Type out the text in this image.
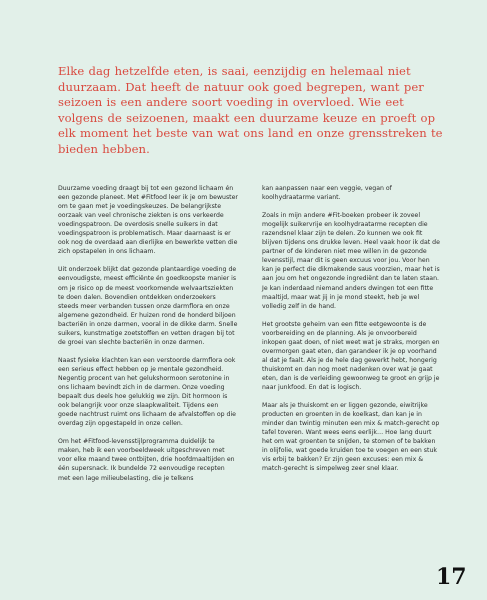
Elke dag hetzelfde eten, is saai, eenzijdig en helemaal niet duurzaam. Dat heeft de natuur ook goed begrepen, want per seizoen is een andere soort voeding in overvloed. Wie eet volgens de seizoenen, maakt een duurzame keuze en proeft op elk moment het beste van wat ons land en onze grensstreken te bieden hebben.

Duurzame voeding draagt bij tot een gezond lichaam én een gezonde planeet. Met #Fitfood leer ik je om bewuster om te gaan met je voedingskeuzes. De belangrijkste oorzaak van veel chronische ziekten is ons verkeerde voedingspatroon. De overdosis snelle suikers in dat voedingspatroon is problematisch. Maar daarnaast is er ook nog de overdaad aan dierlijke en bewerkte vetten die zich opstapelen in ons lichaam.

Uit onderzoek blijkt dat gezonde plantaardige voeding de eenvoudigste, meest efficiënte én goedkoopste manier is om je risico op de meest voorkomende welvaartsziekten te doen dalen. Bovendien ontdekken onderzoekers steeds meer verbanden tussen onze darmflora en onze algemene gezondheid. Er huizen rond de honderd biljoen bacteriën in onze darmen, vooral in de dikke darm. Snelle suikers, kunstmatige zoetstoffen en vetten dragen bij tot de groei van slechte bacteriën in onze darmen.

Naast fysieke klachten kan een verstoorde darmflora ook een serieus effect hebben op je mentale gezondheid. Negentig procent van het gelukshormoon serotonine in ons lichaam bevindt zich in de darmen. Onze voeding bepaalt dus deels hoe gelukkig we zijn. Dit hormoon is ook belangrijk voor onze slaapkwaliteit. Tijdens een goede nachtrust ruimt ons lichaam de afvalstoffen op die overdag zijn opgestapeld in onze cellen.

Om het #Fitfood-levensstijlprogramma duidelijk te maken, heb ik een voorbeeldweek uitgeschreven met voor elke maand twee ontbijten, drie hoofdmaaltijden en één supersnack. Ik bundelde 72 eenvoudige recepten met een lage milieubelasting, die je telkens

kan aanpassen naar een veggie, vegan of koolhydraatarme variant.

Zoals in mijn andere #Fit-boeken probeer ik zoveel mogelijk suikervrije en koolhydraatarme recepten die razendsnel klaar zijn te delen. Zo kunnen we ook fit blijven tijdens ons drukke leven. Heel vaak hoor ik dat de partner of de kinderen niet mee willen in de gezonde levensstijl, maar dit is geen excuus voor jou. Voor hen kan je perfect die dikmakende saus voorzien, maar het is aan jou om het ongezonde ingrediënt dan te laten staan. Je kan inderdaad niemand anders dwingen tot een fitte maaltijd, maar wat jij in je mond steekt, heb je wel volledig zelf in de hand.

Het grootste geheim van een fitte eetgewoonte is de voorbereiding en de planning. Als je onvoorbereid inkopen gaat doen, of niet weet wat je straks, morgen en overmorgen gaat eten, dan garandeer ik je op voorhand al dat je faalt. Als je de hele dag gewerkt hebt, hongerig thuiskomt en dan nog moet nadenken over wat je gaat eten, dan is de verleiding gewoonweg te groot en grijp je naar junkfood. En dat is logisch.

Maar als je thuiskomt en er liggen gezonde, eiwitrijke producten en groenten in de koelkast, dan kan je in minder dan twintig minuten een mix & match-gerecht op tafel toveren. Want wees eens eerlijk… Hoe lang duurt het om wat groenten te snijden, te stomen of te bakken in olijfolie, wat goede kruiden toe te voegen en een stuk vis erbij te bakken? Er zijn geen excuses: een mix & match-gerecht is simpelweg zeer snel klaar.

17
